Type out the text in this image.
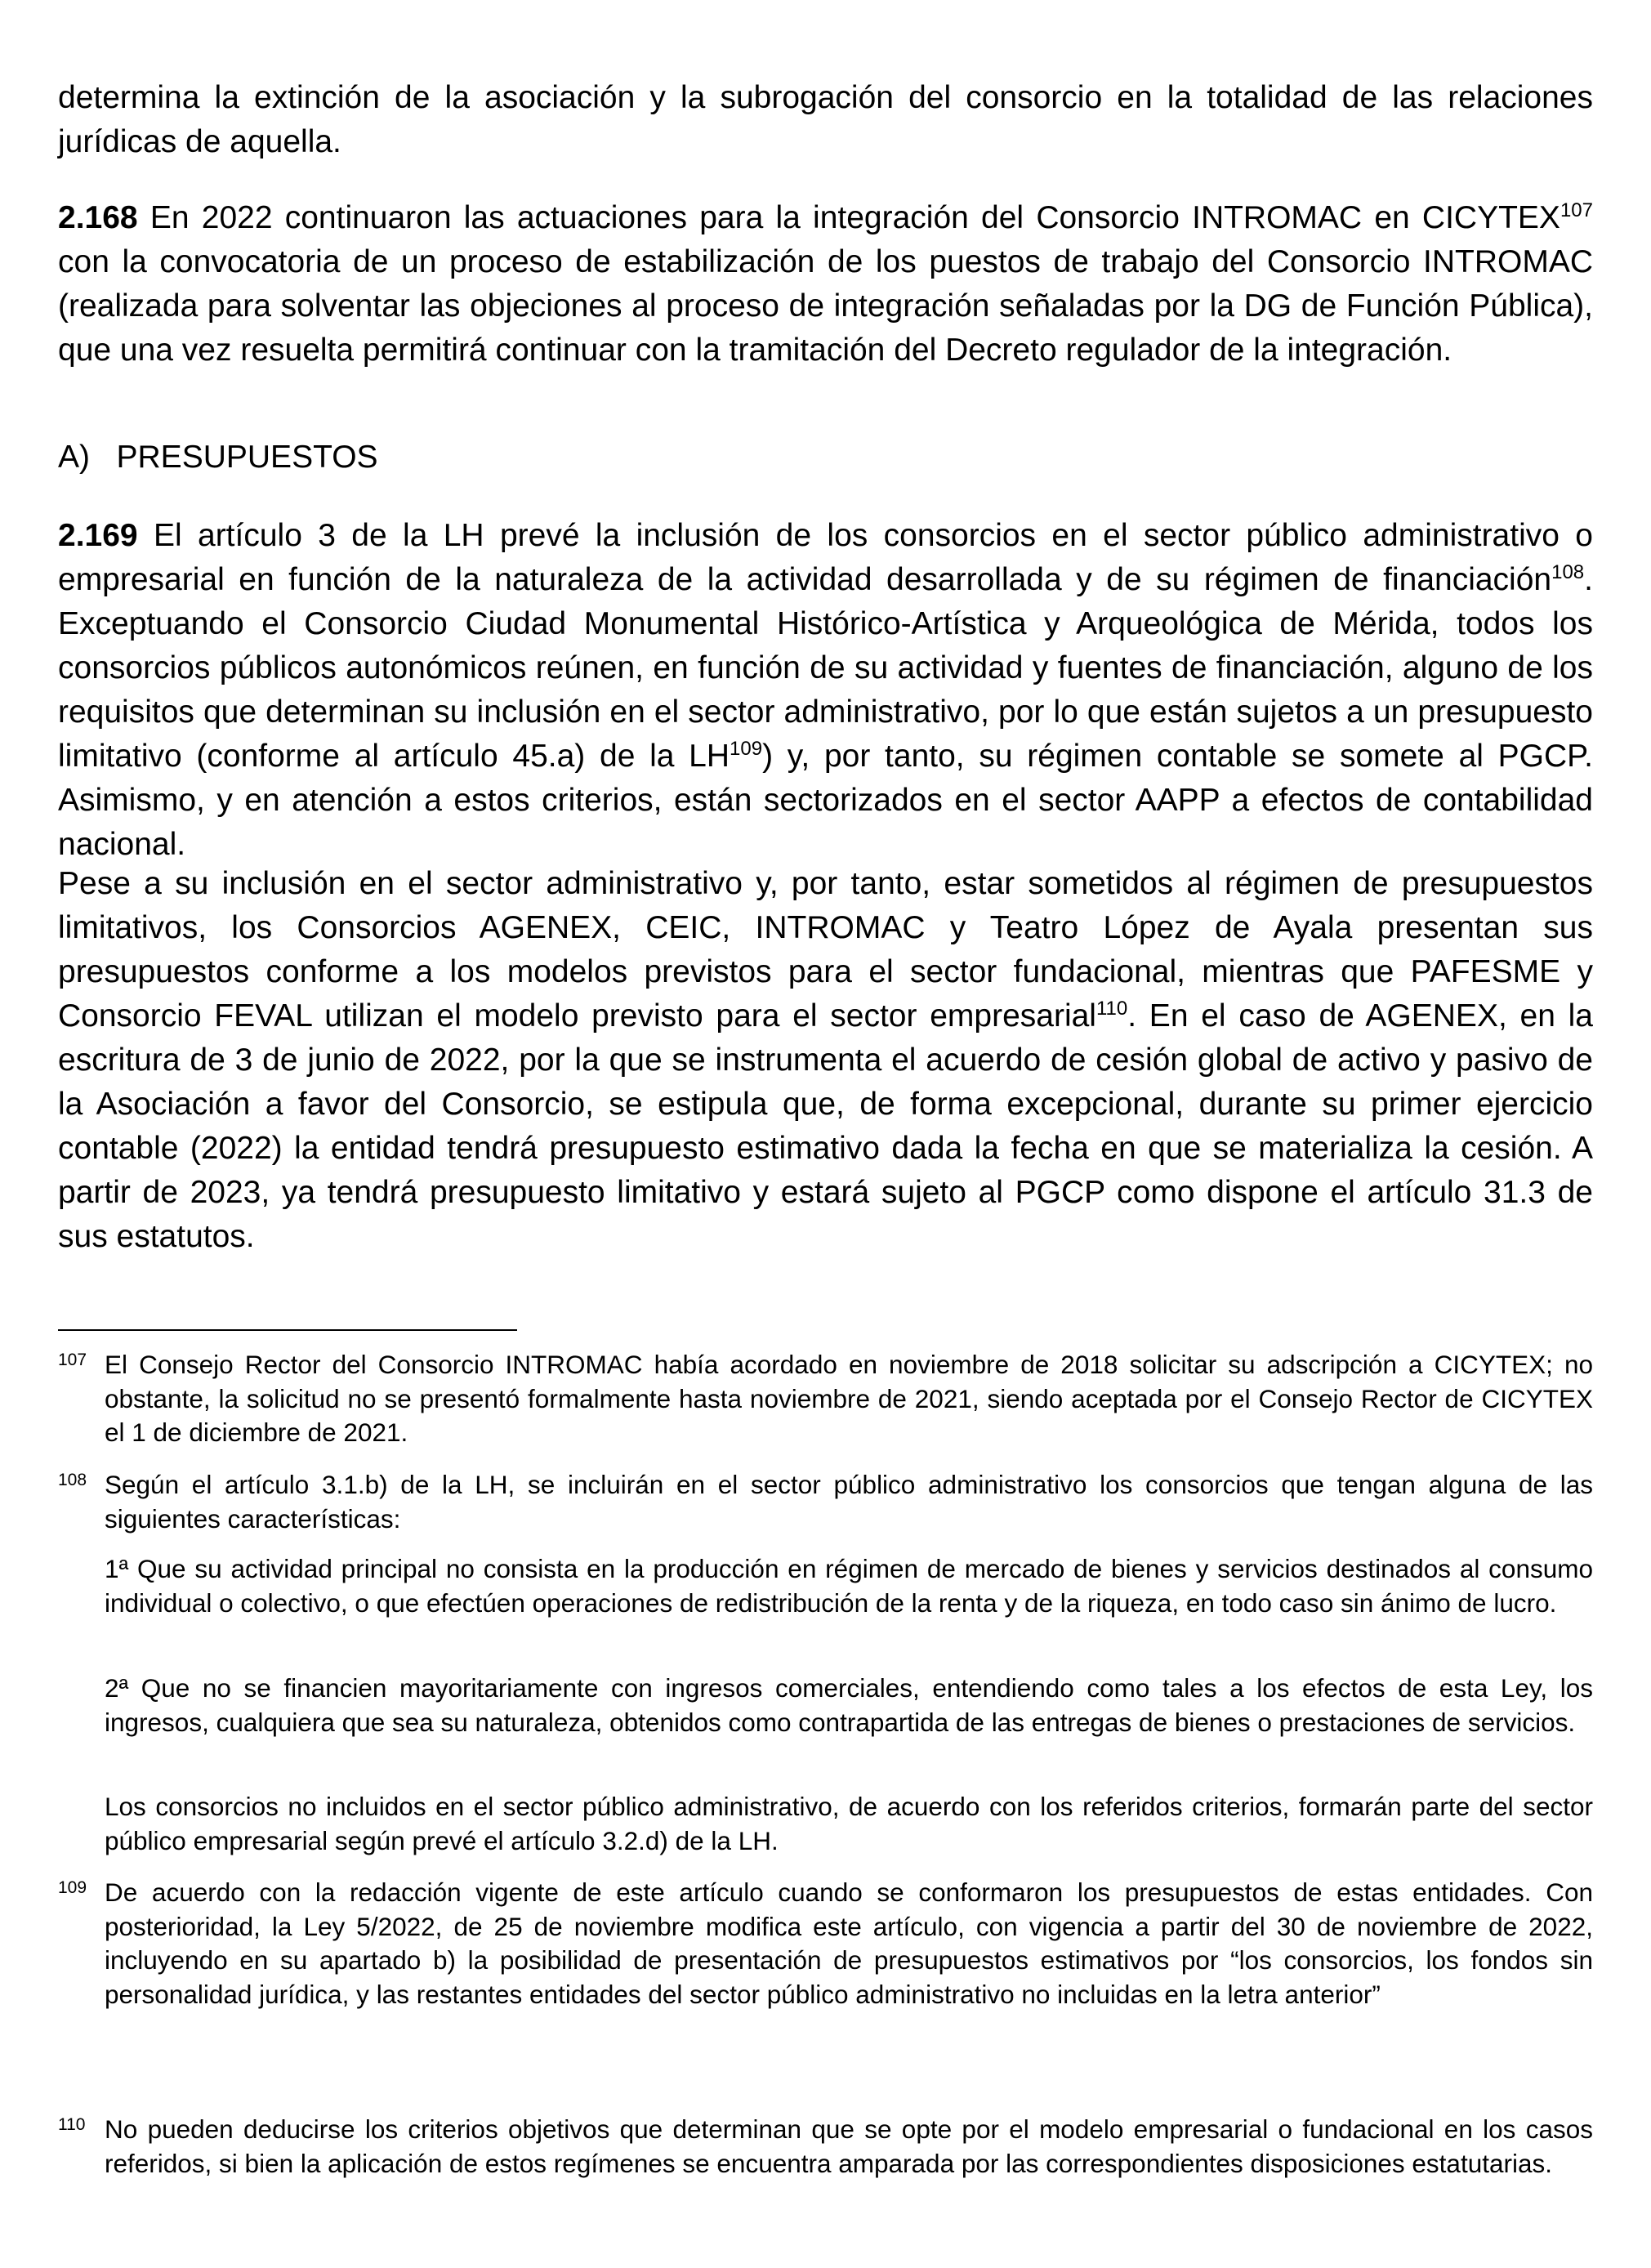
determina la extinción de la asociación y la subrogación del consorcio en la totalidad de las relaciones jurídicas de aquella.
2.168 En 2022 continuaron las actuaciones para la integración del Consorcio INTROMAC en CICYTEX$^{107}$ con la convocatoria de un proceso de estabilización de los puestos de trabajo del Consorcio INTROMAC (realizada para solventar las objeciones al proceso de integración señaladas por la DG de Función Pública), que una vez resuelta permitirá continuar con la tramitación del Decreto regulador de la integración.
A)   PRESUPUESTOS
2.169 El artículo 3 de la LH prevé la inclusión de los consorcios en el sector público administrativo o empresarial en función de la naturaleza de la actividad desarrollada y de su régimen de financiación$^{108}$. Exceptuando el Consorcio Ciudad Monumental Histórico-Artística y Arqueológica de Mérida, todos los consorcios públicos autonómicos reúnen, en función de su actividad y fuentes de financiación, alguno de los requisitos que determinan su inclusión en el sector administrativo, por lo que están sujetos a un presupuesto limitativo (conforme al artículo 45.a) de la LH$^{109}$) y, por tanto, su régimen contable se somete al PGCP. Asimismo, y en atención a estos criterios, están sectorizados en el sector AAPP a efectos de contabilidad nacional.
Pese a su inclusión en el sector administrativo y, por tanto, estar sometidos al régimen de presupuestos limitativos, los Consorcios AGENEX, CEIC, INTROMAC y Teatro López de Ayala presentan sus presupuestos conforme a los modelos previstos para el sector fundacional, mientras que PAFESME y Consorcio FEVAL utilizan el modelo previsto para el sector empresarial$^{110}$. En el caso de AGENEX, en la escritura de 3 de junio de 2022, por la que se instrumenta el acuerdo de cesión global de activo y pasivo de la Asociación a favor del Consorcio, se estipula que, de forma excepcional, durante su primer ejercicio contable (2022) la entidad tendrá presupuesto estimativo dada la fecha en que se materializa la cesión. A partir de 2023, ya tendrá presupuesto limitativo y estará sujeto al PGCP como dispone el artículo 31.3 de sus estatutos.
107 El Consejo Rector del Consorcio INTROMAC había acordado en noviembre de 2018 solicitar su adscripción a CICYTEX; no obstante, la solicitud no se presentó formalmente hasta noviembre de 2021, siendo aceptada por el Consejo Rector de CICYTEX el 1 de diciembre de 2021.
108 Según el artículo 3.1.b) de la LH, se incluirán en el sector público administrativo los consorcios que tengan alguna de las siguientes características:
1ª Que su actividad principal no consista en la producción en régimen de mercado de bienes y servicios destinados al consumo individual o colectivo, o que efectúen operaciones de redistribución de la renta y de la riqueza, en todo caso sin ánimo de lucro.
2ª Que no se financien mayoritariamente con ingresos comerciales, entendiendo como tales a los efectos de esta Ley, los ingresos, cualquiera que sea su naturaleza, obtenidos como contrapartida de las entregas de bienes o prestaciones de servicios.
Los consorcios no incluidos en el sector público administrativo, de acuerdo con los referidos criterios, formarán parte del sector público empresarial según prevé el artículo 3.2.d) de la LH.
109 De acuerdo con la redacción vigente de este artículo cuando se conformaron los presupuestos de estas entidades. Con posterioridad, la Ley 5/2022, de 25 de noviembre modifica este artículo, con vigencia a partir del 30 de noviembre de 2022, incluyendo en su apartado b) la posibilidad de presentación de presupuestos estimativos por “los consorcios, los fondos sin personalidad jurídica, y las restantes entidades del sector público administrativo no incluidas en la letra anterior”
110 No pueden deducirse los criterios objetivos que determinan que se opte por el modelo empresarial o fundacional en los casos referidos, si bien la aplicación de estos regímenes se encuentra amparada por las correspondientes disposiciones estatutarias.
